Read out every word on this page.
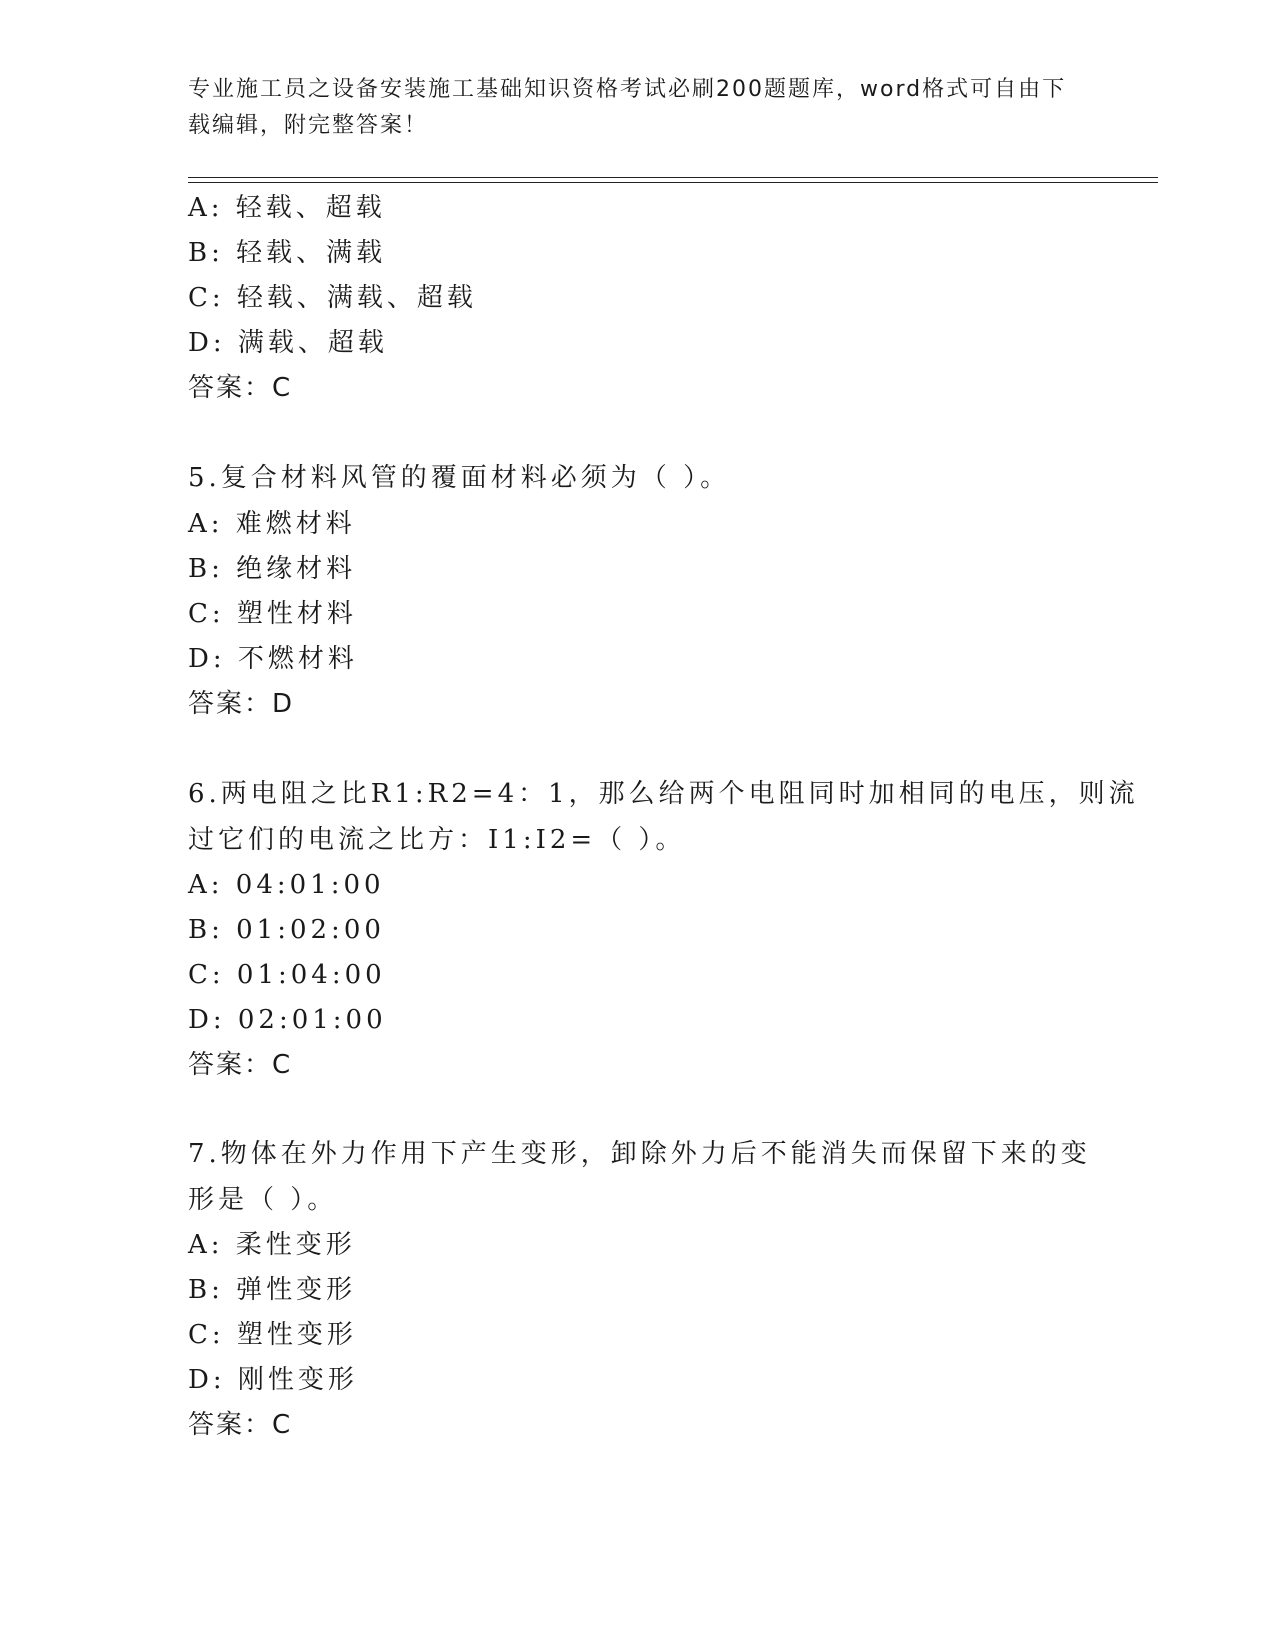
专业施工员之设备安装施工基础知识资格考试必刷200题题库，word格式可自由下载编辑，附完整答案！
A: 轻载、超载
B: 轻载、满载
C: 轻载、满载、超载
D: 满载、超载
答案：C
5.复合材料风管的覆面材料必须为（ ）。
A: 难燃材料
B: 绝缘材料
C: 塑性材料
D: 不燃材料
答案：D
6.两电阻之比R1:R2=4：1，那么给两个电阻同时加相同的电压，则流
过它们的电流之比方：I1:I2=（ ）。
A: 04:01:00
B: 01:02:00
C: 01:04:00
D: 02:01:00
答案：C
7.物体在外力作用下产生变形，卸除外力后不能消失而保留下来的变
形是（ ）。
A: 柔性变形
B: 弹性变形
C: 塑性变形
D: 刚性变形
答案：C
